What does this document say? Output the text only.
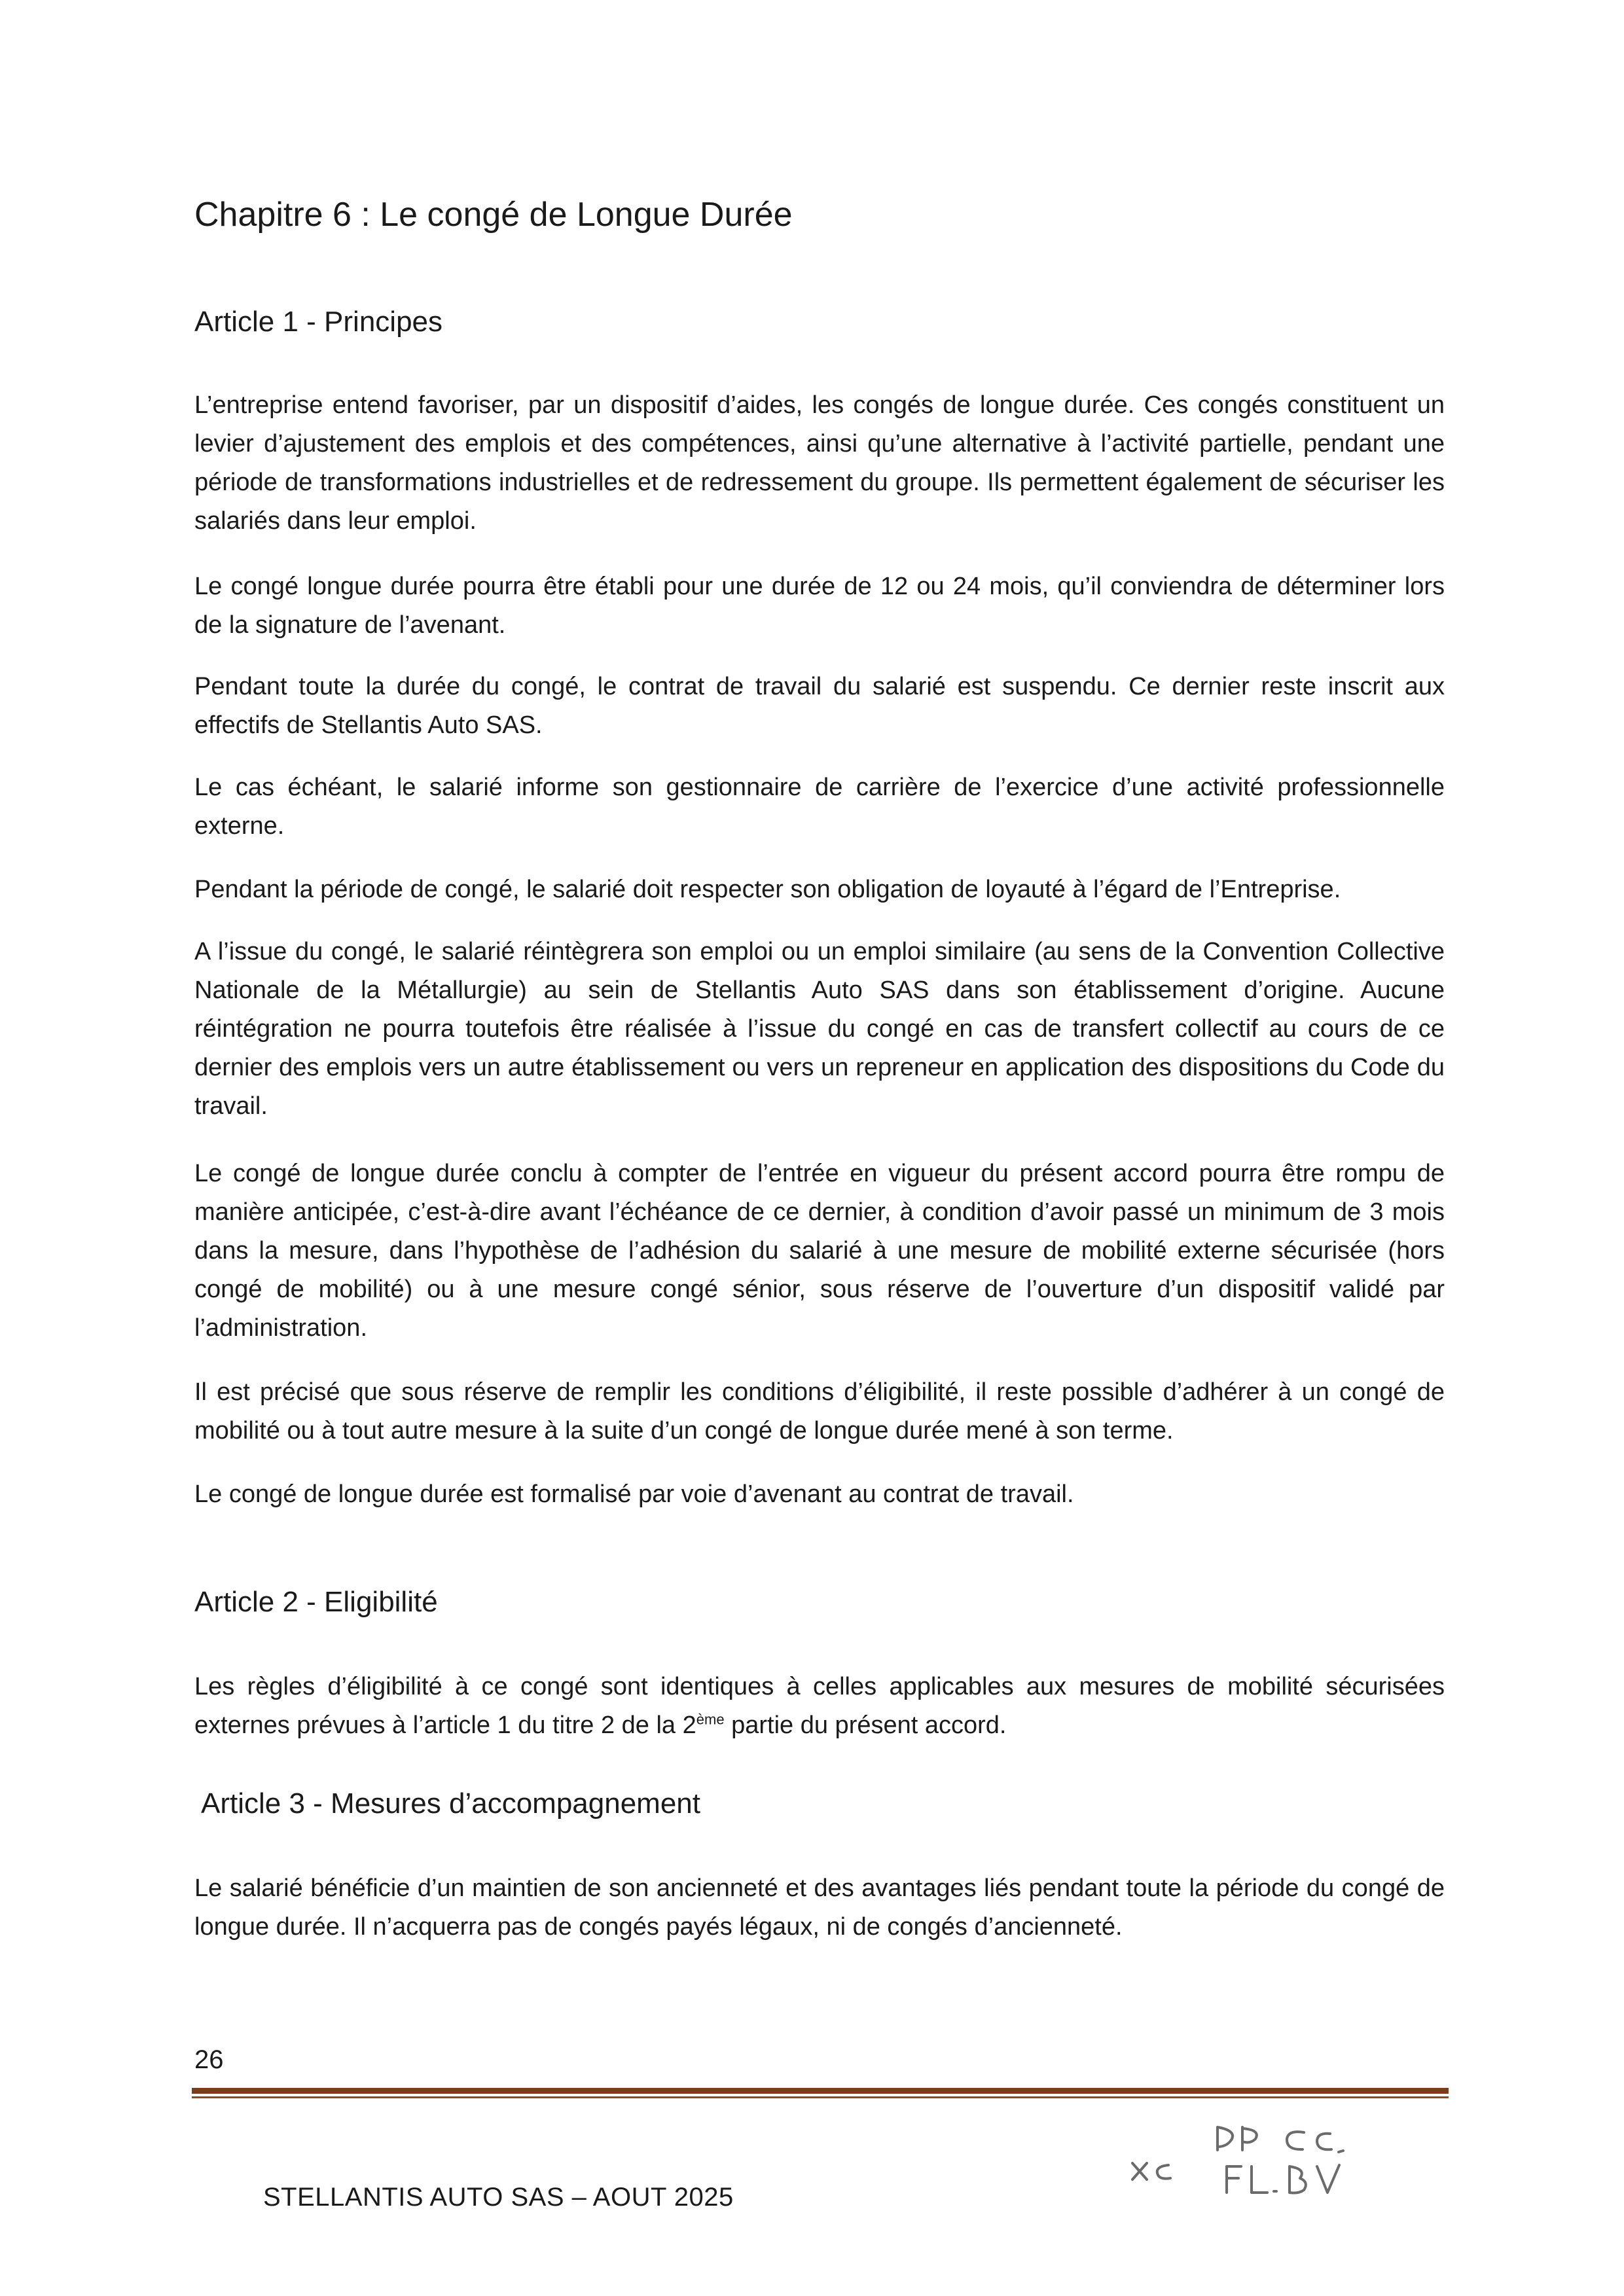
Chapitre 6 : Le congé de Longue Durée
Article 1 - Principes

L’entreprise entend favoriser, par un dispositif d’aides, les congés de longue durée. Ces congés constituent un levier d’ajustement des emplois et des compétences, ainsi qu’une alternative à l’activité partielle, pendant une période de transformations industrielles et de redressement du groupe. Ils permettent également de sécuriser les salariés dans leur emploi.

Le congé longue durée pourra être établi pour une durée de 12 ou 24 mois, qu’il conviendra de déterminer lors de la signature de l’avenant.

Pendant toute la durée du congé, le contrat de travail du salarié est suspendu. Ce dernier reste inscrit aux effectifs de Stellantis Auto SAS.

Le cas échéant, le salarié informe son gestionnaire de carrière de l’exercice d’une activité professionnelle externe.

Pendant la période de congé, le salarié doit respecter son obligation de loyauté à l’égard de l’Entreprise.

A l’issue du congé, le salarié réintègrera son emploi ou un emploi similaire (au sens de la Convention Collective Nationale de la Métallurgie) au sein de Stellantis Auto SAS dans son établissement d’origine. Aucune réintégration ne pourra toutefois être réalisée à l’issue du congé en cas de transfert collectif au cours de ce dernier des emplois vers un autre établissement ou vers un repreneur en application des dispositions du Code du travail.

Le congé de longue durée conclu à compter de l’entrée en vigueur du présent accord pourra être rompu de manière anticipée, c’est-à-dire avant l’échéance de ce dernier, à condition d’avoir passé un minimum de 3 mois dans la mesure, dans l’hypothèse de l’adhésion du salarié à une mesure de mobilité externe sécurisée (hors congé de mobilité) ou à une mesure congé sénior, sous réserve de l’ouverture d’un dispositif validé par l’administration.

Il est précisé que sous réserve de remplir les conditions d’éligibilité, il reste possible d’adhérer à un congé de mobilité ou à tout autre mesure à la suite d’un congé de longue durée mené à son terme.

Le congé de longue durée est formalisé par voie d’avenant au contrat de travail.

Article 2 - Eligibilité

Les règles d’éligibilité à ce congé sont identiques à celles applicables aux mesures de mobilité sécurisées externes prévues à l’article 1 du titre 2 de la 2ème partie du présent accord.

Article 3 - Mesures d’accompagnement

Le salarié bénéficie d’un maintien de son ancienneté et des avantages liés pendant toute la période du congé de longue durée. Il n’acquerra pas de congés payés légaux, ni de congés d’ancienneté.

26
STELLANTIS AUTO SAS – AOUT 2025
